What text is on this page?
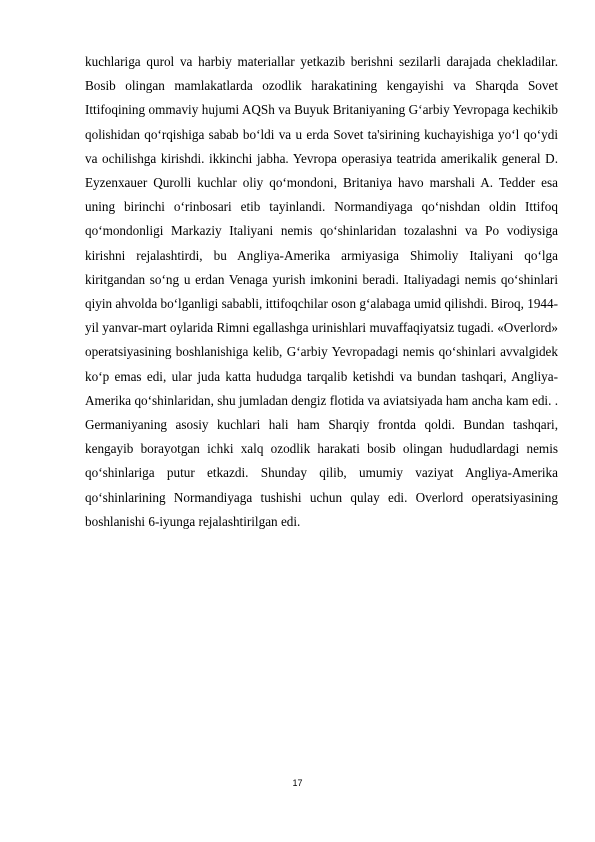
kuchlariga qurol va harbiy materiallar yetkazib berishni sezilarli darajada chekladilar. Bosib olingan mamlakatlarda ozodlik harakatining kengayishi va Sharqda Sovet Ittifoqining ommaviy hujumi AQSh va Buyuk Britaniyaning G‘arbiy Yevropaga kechikib qolishidan qo‘rqishiga sabab bo‘ldi va u erda Sovet ta'sirining kuchayishiga yo‘l qo‘ydi va ochilishga kirishdi. ikkinchi jabha. Yevropa operasiya teatrida amerikalik general D. Eyzenxauer Qurolli kuchlar oliy qo‘mondoni, Britaniya havo marshali A. Tedder esa uning birinchi o‘rinbosari etib tayinlandi. Normandiyaga qo‘nishdan oldin Ittifoq qo‘mondonligi Markaziy Italiyani nemis qo‘shinlaridan tozalashni va Po vodiysiga kirishni rejalashtirdi, bu Angliya-Amerika armiyasiga Shimoliy Italiyani qo‘lga kiritgandan so‘ng u erdan Venaga yurish imkonini beradi. Italiyadagi nemis qo‘shinlari qiyin ahvolda bo‘lganligi sababli, ittifoqchilar oson g‘alabaga umid qilishdi. Biroq, 1944-yil yanvar-mart oylarida Rimni egallashga urinishlari muvaffaqiyatsiz tugadi. «Overlord» operatsiyasining boshlanishiga kelib, G‘arbiy Yevropadagi nemis qo‘shinlari avvalgidek ko‘p emas edi, ular juda katta hududga tarqalib ketishdi va bundan tashqari, Angliya-Amerika qo‘shinlaridan, shu jumladan dengiz flotida va aviatsiyada ham ancha kam edi. . Germaniyaning asosiy kuchlari hali ham Sharqiy frontda qoldi. Bundan tashqari, kengayib borayotgan ichki xalq ozodlik harakati bosib olingan hududlardagi nemis qo‘shinlariga putur etkazdi. Shunday qilib, umumiy vaziyat Angliya-Amerika qo‘shinlarining Normandiyaga tushishi uchun qulay edi. Overlord operatsiyasining boshlanishi 6-iyunga rejalashtirilgan edi.

17
